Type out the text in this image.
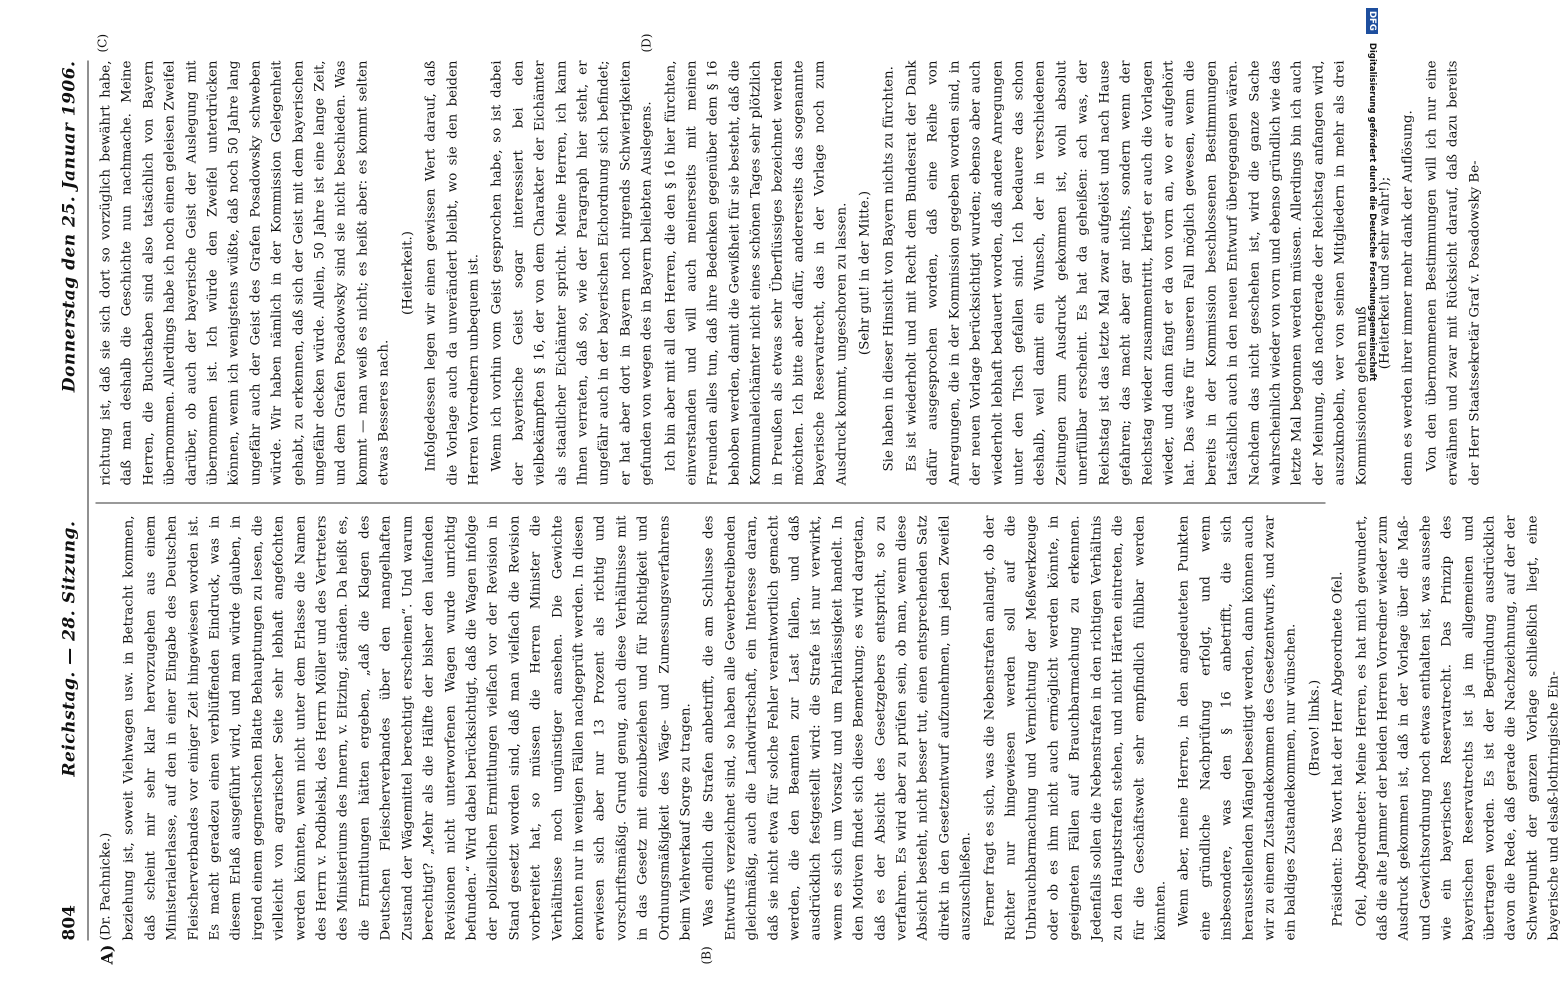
804
Reichstag. — 28. Sitzung.
Donnerstag den 25. Januar 1906.
A)	(B)
(C)	(D)

(Dr. Pachnicke.) beziehung ist, soweit Viehwagen usw. in Betracht kommen, daß scheint mir sehr klar hervorzugehen aus einem Ministerialerlasse, auf den in einer Eingabe des Deutschen Fleischerverbandes vor einiger Zeit hingewiesen worden ist. Es macht geradezu einen verblüffenden Eindruck, was in diesem Erlaß ausgeführt wird, und man würde glauben, in irgend einem gegnerischen Blatte Behauptungen zu lesen, die vielleicht von agrarischer Seite sehr lebhaft angefochten werden könnten, wenn nicht unter dem Erlasse die Namen des Herrn v. Podbielski, des Herrn Möller und des Vertreters des Ministeriums des Innern, v. Eitzing, ständen. Da heißt es, die Ermittlungen hätten ergeben, „daß die Klagen des Deutschen Fleischerverbandes über den mangelhaften Zustand der Wägemittel berechtigt erscheinen“. Und warum berechtigt? „Mehr als die Hälfte der bisher den laufenden Revisionen nicht unterworfenen Wagen wurde unrichtig befunden.“ Wird dabei berücksichtigt, daß die Wagen infolge der polizeilichen Ermittlungen vielfach vor der Revision in Stand gesetzt worden sind, daß man vielfach die Revision vorbereitet hat, so müssen die Herren Minister die Verhältnisse noch ungünstiger ansehen. Die Gewichte konnten nur in wenigen Fällen nachgeprüft werden. In diesen erwiesen sich aber nur 13 Prozent als richtig und vorschriftsmäßig. Grund genug, auch diese Verhältnisse mit in das Gesetz mit einzubeziehen und für Richtigkeit und Ordnungsmäßigkeit des Wäge- und Zumessungsverfahrens beim Viehverkauf Sorge zu tragen. Was endlich die Strafen anbetrifft, die am Schlusse des Entwurfs verzeichnet sind, so haben alle Gewerbetreibenden gleichmäßig, auch die Landwirtschaft, ein Interesse daran, daß sie nicht etwa für solche Fehler verantwortlich gemacht werden, die den Beamten zur Last fallen, und daß ausdrücklich festgestellt wird: die Strafe ist nur verwirkt, wenn es sich um Vorsatz und um Fahrlässigkeit handelt. In den Motiven findet sich diese Bemerkung; es wird dargetan, daß es der Absicht des Gesetzgebers entspricht, so zu verfahren. Es wird aber zu prüfen sein, ob man, wenn diese Absicht besteht, nicht besser tut, einen entsprechenden Satz direkt in den Gesetzentwurf aufzunehmen, um jeden Zweifel auszuschließen. Ferner fragt es sich, was die Nebenstrafen anlangt, ob der Richter nur hingewiesen werden soll auf die Unbrauchbarmachung und Vernichtung der Meßwerkzeuge oder ob es ihm nicht auch ermöglicht werden könnte, in geeigneten Fällen auf Brauchbarmachung zu erkennen. Jedenfalls sollen die Nebenstrafen in den richtigen Verhältnis zu den Hauptstrafen stehen, und nicht Härten eintreten, die für die Geschäftswelt sehr empfindlich fühlbar werden könnten. Wenn aber, meine Herren, in den angedeuteten Punkten eine gründliche Nachprüfung erfolgt, und wenn insbesondere, was den § 16 anbetrifft, die sich herausstellenden Mängel beseitigt werden, dann können auch wir zu einem Zustandekommen des Gesetzentwurfs, und zwar ein baldiges Zustandekommen, nur wünschen. (Bravo! links.) Präsident: Das Wort hat der Herr Abgeordnete Ofel. Ofel, Abgeordneter: Meine Herren, es hat mich gewundert, daß die alte Jammer der beiden Herren Vorredner wieder zum Ausdruck gekommen ist, daß in der Vorlage über die Maß- und Gewichtsordnung noch etwas enthalten ist, was aussehe wie ein bayerisches Reservatrecht. Das Prinzip des bayerischen Reservatrechts ist ja im allgemeinen und übertragen worden. Es ist der Begründung ausdrücklich davon die Rede, daß gerade die Nachzeichnung, auf der der Schwerpunkt der ganzen Vorlage schließlich liegt, eine bayerische und elsaß-lothringische Ein-

richtung ist, daß sie sich dort so vorzüglich bewährt habe, daß man deshalb die Geschichte nun nachmache. Meine Herren, die Buchstaben sind also tatsächlich von Bayern übernommen. Allerdings habe ich noch einen geleisen Zweifel darüber, ob auch der bayerische Geist der Auslegung mit übernommen ist. Ich würde den Zweifel unterdrücken können, wenn ich wenigstens wüßte, daß noch 50 Jahre lang ungefähr auch der Geist des Grafen Posadowsky schweben würde. Wir haben nämlich in der Kommission Gelegenheit gehabt, zu erkennen, daß sich der Geist mit dem bayerischen ungefähr decken würde. Allein, 50 Jahre ist eine lange Zeit, und dem Grafen Posadowsky sind sie nicht beschieden. Was kommt — man weiß es nicht; es heißt aber: es kommt selten etwas Besseres nach.

(Heiterkeit.) Infolgedessen legen wir einen gewissen Wert darauf, daß die Vorlage auch da unverändert bleibt, wo sie den beiden Herren Vorrednern unbequem ist. Wenn ich vorhin vom Geist gesprochen habe, so ist dabei der bayerische Geist sogar interessiert bei den vielbekämpften § 16, der von dem Charakter der Eichämter als staatlicher Eichämter spricht. Meine Herren, ich kann Ihnen verraten, daß so, wie der Paragraph hier steht, er ungefähr auch in der bayerischen Eichordnung sich befindet; er hat aber dort in Bayern noch nirgends Schwierigkeiten gefunden von wegen des in Bayern beliebten Auslegens. Ich bin aber mit all den Herren, die den § 16 hier fürchten, einverstanden und will auch meinerseits mit meinen Freunden alles tun, daß ihre Bedenken gegenüber dem § 16 behoben werden, damit die Gewißheit für sie besteht, daß die Kommunaleichämter nicht eines schönen Tages sehr plötzlich in Preußen als etwas sehr Überflüssiges bezeichnet werden möchten. Ich bitte aber dafür, andererseits das sogenannte bayerische Reservatrecht, das in der Vorlage noch zum Ausdruck kommt, ungeschoren zu lassen. (Sehr gut! in der Mitte.) Sie haben in dieser Hinsicht von Bayern nichts zu fürchten. Es ist wiederholt und mit Recht dem Bundesrat der Dank dafür ausgesprochen worden, daß eine Reihe von Anregungen, die in der Kommission gegeben worden sind, in der neuen Vorlage berücksichtigt wurden; ebenso aber auch wiederholt lebhaft bedauert worden, daß andere Anregungen unter den Tisch gefallen sind. Ich bedauere das schon deshalb, weil damit ein Wunsch, der in verschiedenen Zeitungen zum Ausdruck gekommen ist, wohl absolut unerfüllbar erscheint. Es hat da geheißen: ach was, der Reichstag ist das letzte Mal zwar aufgelöst und nach Hause gefahren; das macht aber gar nichts, sondern wenn der Reichstag wieder zusammentritt, kriegt er auch die Vorlagen wieder, und dann fängt er da von vorn an, wo er aufgehört hat. Das wäre für unseren Fall möglich gewesen, wenn die bereits in der Kommission beschlossenen Bestimmungen tatsächlich auch in den neuen Entwurf übergegangen wären. Nachdem das nicht geschehen ist, wird die ganze Sache wahrscheinlich wieder von vorn und ebenso gründlich wie das letzte Mal begonnen werden müssen. Allerdings bin ich auch der Meinung, daß nachgerade der Reichstag anfangen wird, auszuknobeln, wer von seinen Mitgliedern in mehr als drei Kommissionen gehen muß

(Heiterkeit und sehr wahr!); denn es werden ihrer immer mehr dank der Auflösung. Von den übernommenen Bestimmungen will ich nur eine erwähnen und zwar mit Rücksicht darauf, daß dazu bereits der Herr Staatssekretär Graf v. Posadowsky Be-

DFG Digitalisierung gefördert durch die Deutsche Forschungsgemeinschaft
